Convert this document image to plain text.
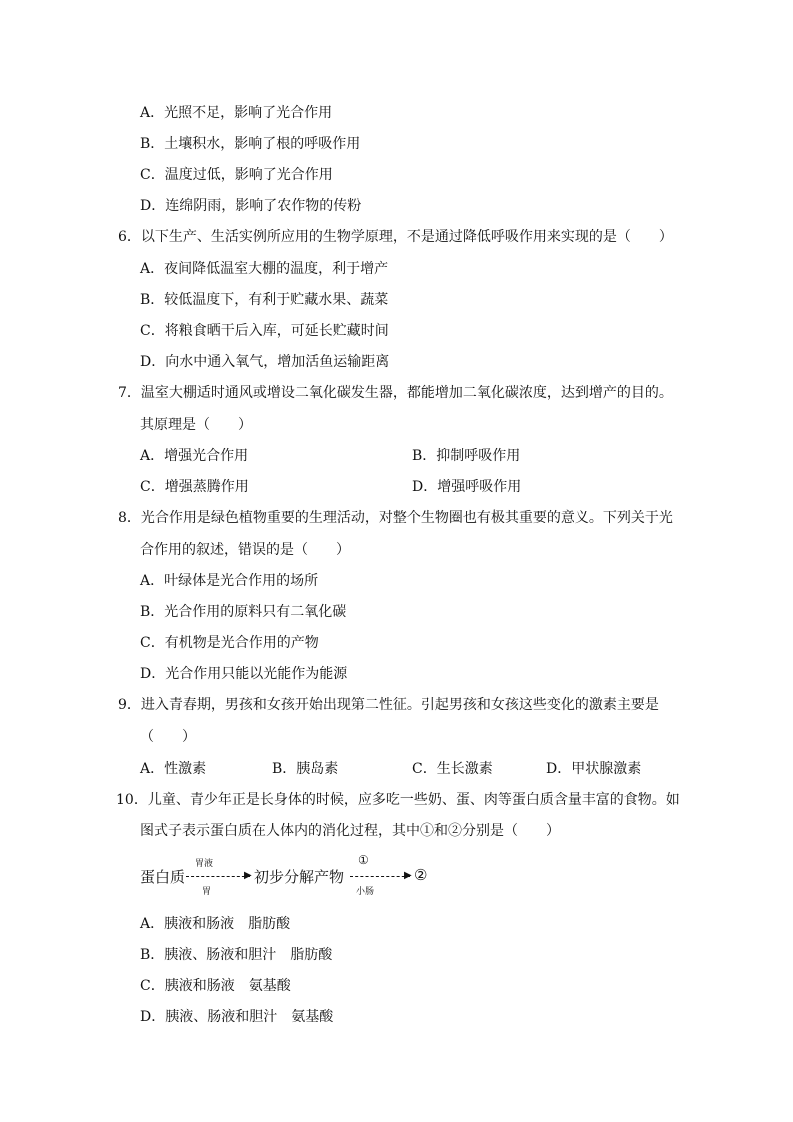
A．光照不足，影响了光合作用
B．土壤积水，影响了根的呼吸作用
C．温度过低，影响了光合作用
D．连绵阴雨，影响了农作物的传粉
6．以下生产、生活实例所应用的生物学原理，不是通过降低呼吸作用来实现的是（　　）
A．夜间降低温室大棚的温度，利于增产
B．较低温度下，有利于贮藏水果、蔬菜
C．将粮食晒干后入库，可延长贮藏时间
D．向水中通入氧气，增加活鱼运输距离
7．温室大棚适时通风或增设二氧化碳发生器，都能增加二氧化碳浓度，达到增产的目的。
其原理是（　　）
A．增强光合作用	B．抑制呼吸作用
C．增强蒸腾作用	D．增强呼吸作用
8．光合作用是绿色植物重要的生理活动，对整个生物圈也有极其重要的意义。下列关于光
合作用的叙述，错误的是（　　）
A．叶绿体是光合作用的场所
B．光合作用的原料只有二氧化碳
C．有机物是光合作用的产物
D．光合作用只能以光能作为能源
9．进入青春期，男孩和女孩开始出现第二性征。引起男孩和女孩这些变化的激素主要是
（　　）
A．性激素	B．胰岛素	C．生长激素	D．甲状腺激素
10．儿童、青少年正是长身体的时候，应多吃一些奶、蛋、肉等蛋白质含量丰富的食物。如
图式子表示蛋白质在人体内的消化过程，其中①和②分别是（　　）
蛋白质
胃液
胃
▶ 初步分解产物
①
小肠
▶ ②
A．胰液和肠液　脂肪酸
B．胰液、肠液和胆汁　脂肪酸
C．胰液和肠液　氨基酸
D．胰液、肠液和胆汁　氨基酸
